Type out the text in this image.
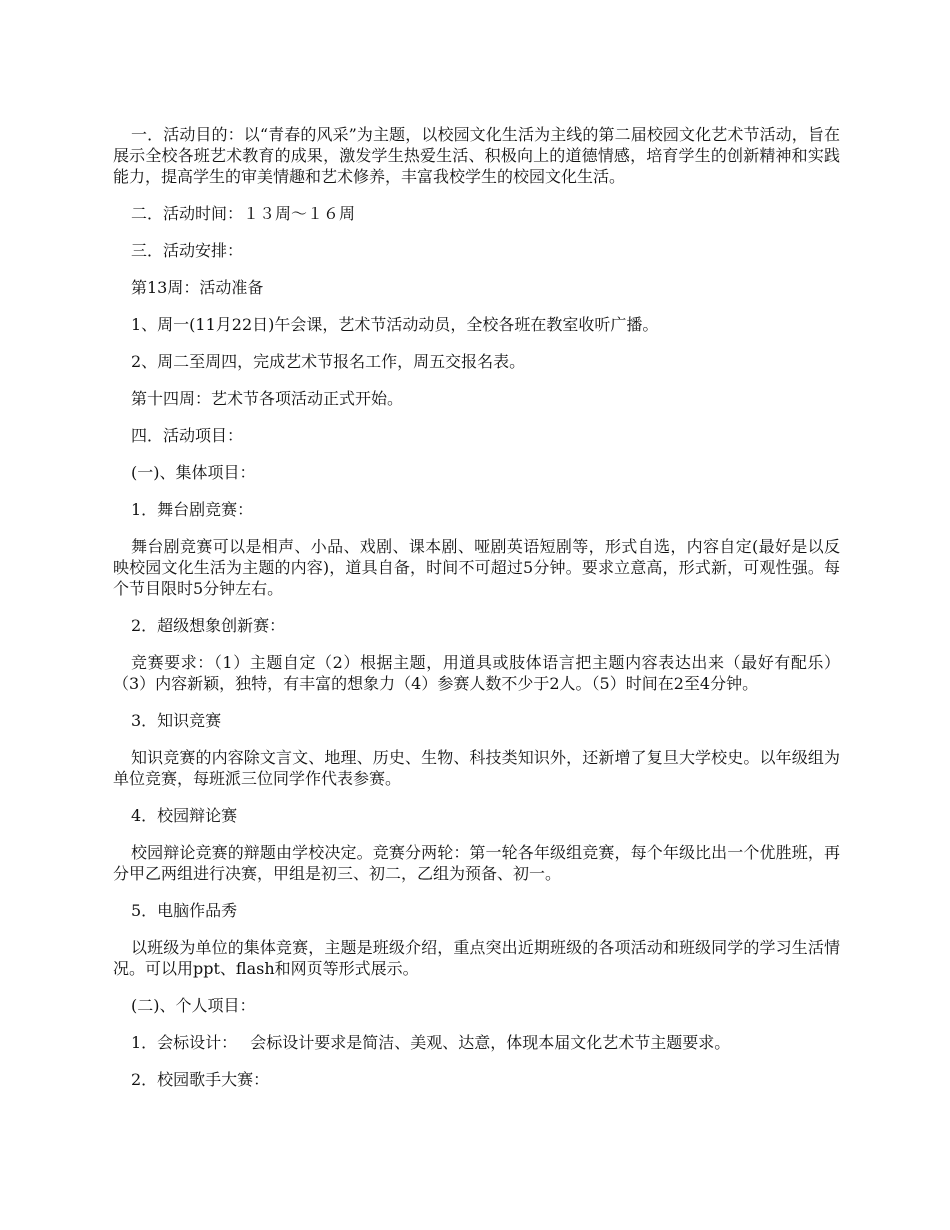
一．活动目的：以“青春的风采”为主题，以校园文化生活为主线的第二届校园文化艺术节活动，旨在展示全校各班艺术教育的成果，激发学生热爱生活、积极向上的道德情感，培育学生的创新精神和实践能力，提高学生的审美情趣和艺术修养，丰富我校学生的校园文化生活。

二．活动时间：１３周～１６周

三．活动安排：

第13周：活动准备

1、周一(11月22日)午会课，艺术节活动动员，全校各班在教室收听广播。

2、周二至周四，完成艺术节报名工作，周五交报名表。

第十四周：艺术节各项活动正式开始。

四．活动项目：

(一)、集体项目：

1．舞台剧竞赛：

舞台剧竞赛可以是相声、小品、戏剧、课本剧、哑剧英语短剧等，形式自选，内容自定(最好是以反映校园文化生活为主题的内容)，道具自备，时间不可超过5分钟。要求立意高，形式新，可观性强。每个节目限时5分钟左右。

2．超级想象创新赛：

竞赛要求：（1）主题自定（2）根据主题，用道具或肢体语言把主题内容表达出来（最好有配乐）（3）内容新颖，独特，有丰富的想象力（4）参赛人数不少于2人。（5）时间在2至4分钟。

3．知识竞赛

知识竞赛的内容除文言文、地理、历史、生物、科技类知识外，还新增了复旦大学校史。以年级组为单位竞赛，每班派三位同学作代表参赛。

4．校园辩论赛

校园辩论竞赛的辩题由学校决定。竞赛分两轮：第一轮各年级组竞赛，每个年级比出一个优胜班，再分甲乙两组进行决赛，甲组是初三、初二，乙组为预备、初一。

5．电脑作品秀

以班级为单位的集体竞赛，主题是班级介绍，重点突出近期班级的各项活动和班级同学的学习生活情况。可以用ppt、flash和网页等形式展示。

(二)、个人项目：

1．会标设计：　 会标设计要求是简洁、美观、达意，体现本届文化艺术节主题要求。

2．校园歌手大赛：
